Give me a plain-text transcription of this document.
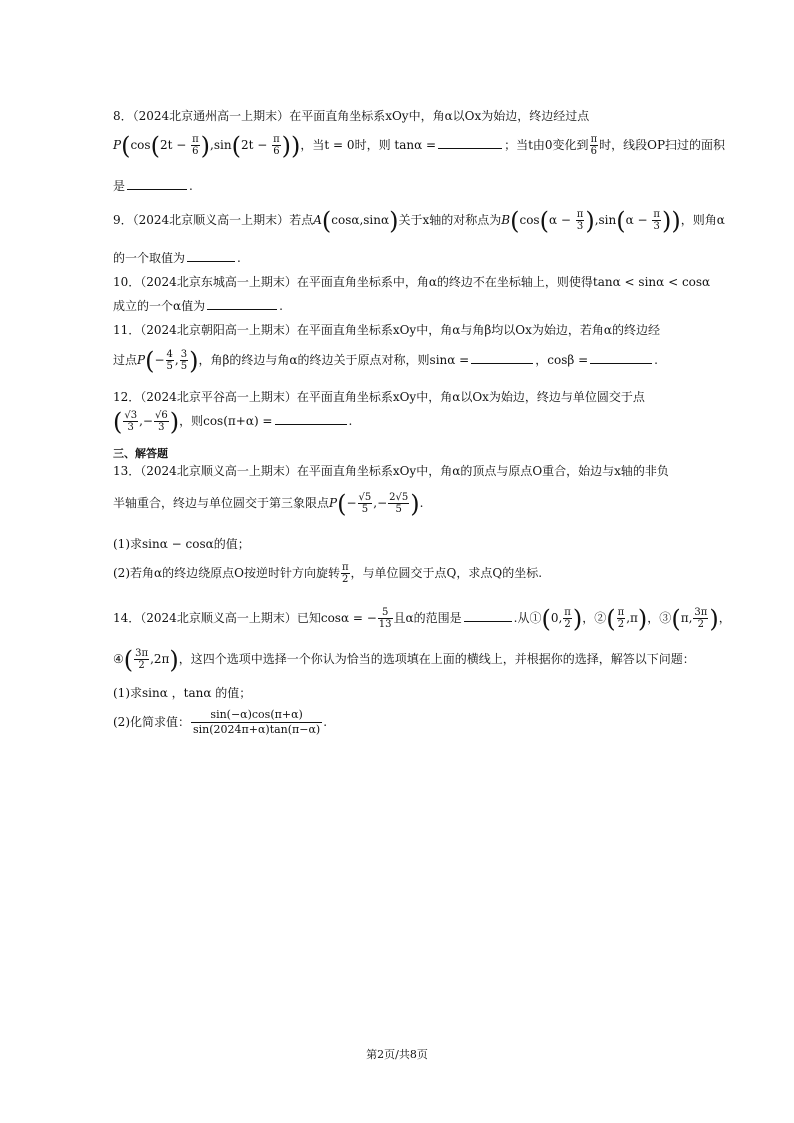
8．（2024北京通州高一上期末）在平面直角坐标系xOy中，角α以Ox为始边，终边经过点
$P(\cos(2t - \frac{\pi}{6} ),\sin(2t - \frac{\pi}{6}$ ))，当t = 0时，则 tanα =	；当t由0变化到 $\frac{\pi}{6}$ 时，线段OP扫过的面积
是	.
9．（2024北京顺义高一上期末）若点A(cosα,sinα)关于x轴的对称点为$B(\cos(\alpha - \frac{\pi}{3} ),\sin(\alpha - \frac{\pi}{3}$ ))，则角α
的一个取值为	.
10．（2024北京东城高一上期末）在平面直角坐标系中，角α的终边不在坐标轴上，则使得tanα < sinα < cosα
成立的一个α值为	.
11．（2024北京朝阳高一上期末）在平面直角坐标系xOy中，角α与角β均以Ox为始边，若角α的终边经
过点$P(- \frac{4}{5}$ , $\frac{3}{5}$ )，角β的终边与角α的终边关于原点对称，则sinα =	，cosβ =	.
12．（2024北京平谷高一上期末）在平面直角坐标系xOy中，角α以Ox为始边，终边与单位圆交于点
( $\frac{√3}{3}$ ,− $\frac{√6}{3}$ )，则cos(π+α) =	.
三、解答题
13．（2024北京顺义高一上期末）在平面直角坐标系xOy中，角α的顶点与原点O重合，始边与x轴的非负
半轴重合，终边与单位圆交于第三象限点$P(- \frac{√5}{5}$ ,− $\frac{2√5}{5}$ ).
(1)求sinα − cosα的值；
(2)若角α的终边绕原点O按逆时针方向旋转 $\frac{\pi}{2}$ ，与单位圆交于点Q，求点Q的坐标.
14．（2024北京顺义高一上期末）已知cosα = − $\frac{5}{13}$ 且α的范围是	.从①(0, $\frac{\pi}{2}$ )，②( $\frac{\pi}{2} ,\pi$)，③(π, $\frac{3\pi}{2}$ )，
④( $\frac{3\pi}{2} ,2\pi$)，这四个选项中选择一个你认为恰当的选项填在上面的横线上，并根据你的选择，解答以下问题：
(1)求sinα ，tanα 的值；
(2)化简求值： $\frac{\sin(-\alpha)\cos(\pi+\alpha)}{\sin(2024\pi+\alpha)\tan(\pi-\alpha)}$ .
第2页/共8页
